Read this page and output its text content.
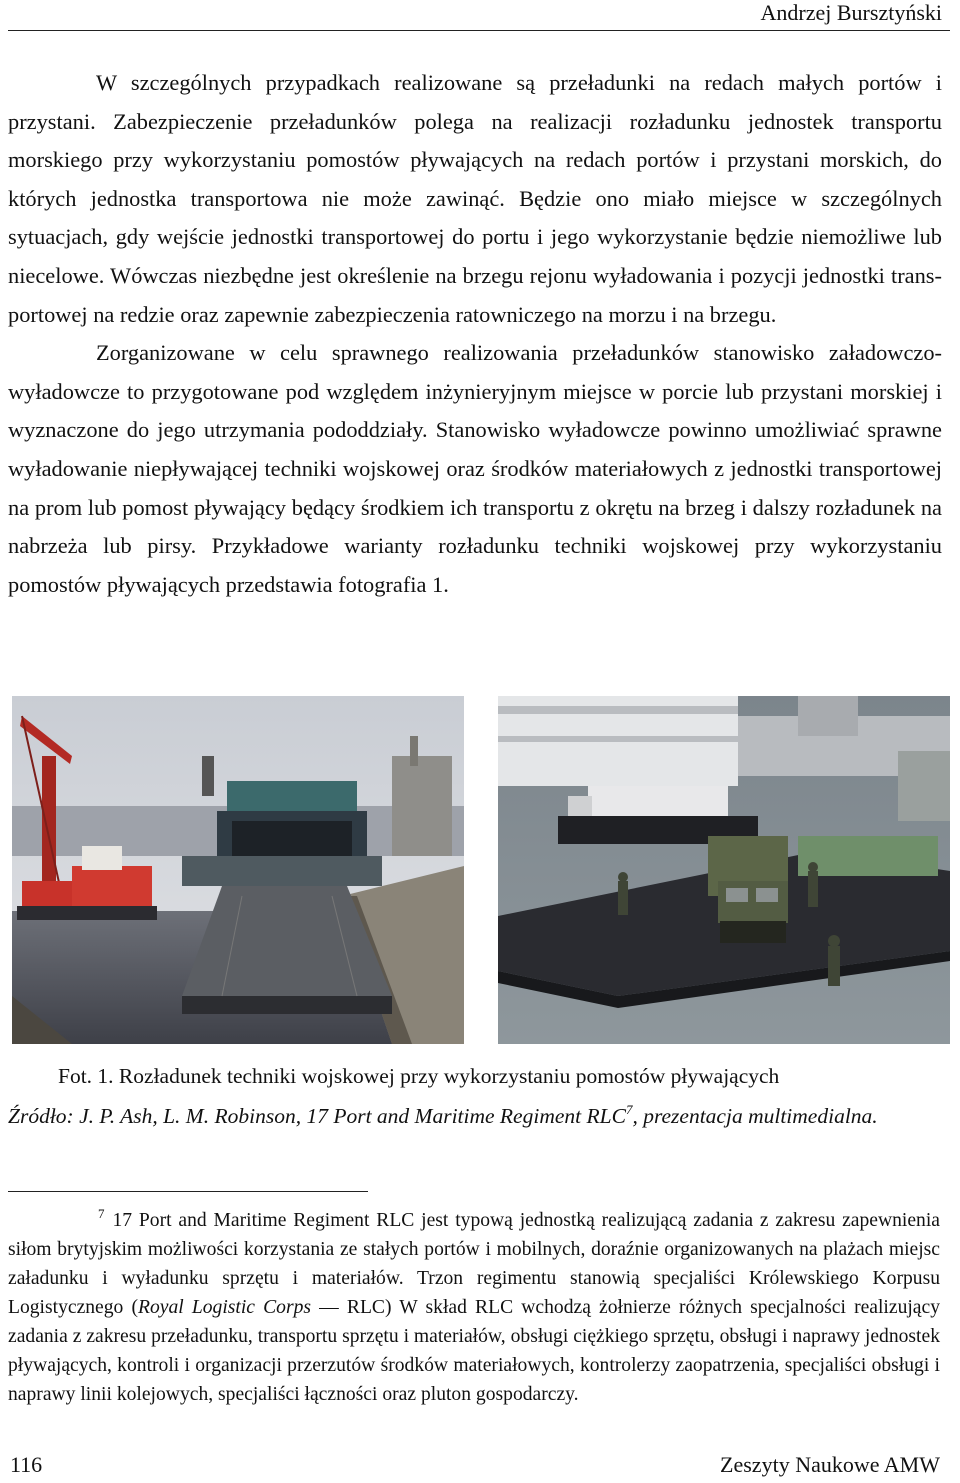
Andrzej Bursztyński

W szczególnych przypadkach realizowane są przeładunki na redach małych portów i przystani. Zabezpieczenie przeładunków polega na realizacji rozładunku jednostek transportu morskiego przy wykorzystaniu pomostów pływających na redach portów i przystani morskich, do których jednostka transportowa nie może zawinąć. Będzie ono miało miejsce w szczególnych sytuacjach, gdy wejście jednostki transportowej do portu i jego wykorzystanie będzie niemożliwe lub niecelowe. Wówczas niezbędne jest określenie na brzegu rejonu wyładowania i pozycji jednostki transportowej na redzie oraz zapewnie zabezpieczenia ratowniczego na morzu i na brzegu.

Zorganizowane w celu sprawnego realizowania przeładunków stanowisko załadowczo-wyładowcze to przygotowane pod względem inżynieryjnym miejsce w porcie lub przystani morskiej i wyznaczone do jego utrzymania pododdziały. Stanowisko wyładowcze powinno umożliwiać sprawne wyładowanie niepływającej techniki wojskowej oraz środków materiałowych z jednostki transportowej na prom lub pomost pływający będący środkiem ich transportu z okrętu na brzeg i dalszy rozładunek na nabrzeża lub pirsy. Przykładowe warianty rozładunku techniki wojskowej przy wykorzystaniu pomostów pływających przedstawia fotografia 1.

Fot. 1. Rozładunek techniki wojskowej przy wykorzystaniu pomostów pływających
Źródło: J. P. Ash, L. M. Robinson, 17 Port and Maritime Regiment RLC$^7$, prezentacja multimedialna.

$^7$ 17 Port and Maritime Regiment RLC jest typową jednostką realizującą zadania z zakresu zapewnienia siłom brytyjskim możliwości korzystania ze stałych portów i mobilnych, doraźnie organizowanych na plażach miejsc załadunku i wyładunku sprzętu i materiałów. Trzon regimentu stanowią specjaliści Królewskiego Korpusu Logistycznego (Royal Logistic Corps — RLC) W skład RLC wchodzą żołnierze różnych specjalności realizujący zadania z zakresu przeładunku, transportu sprzętu i materiałów, obsługi ciężkiego sprzętu, obsługi i naprawy jednostek pływających, kontroli i organizacji przerzutów środków materiałowych, kontrolerzy zaopatrzenia, specjaliści obsługi i naprawy linii kolejowych, specjaliści łączności oraz pluton gospodarczy.

116	Zeszyty Naukowe AMW
